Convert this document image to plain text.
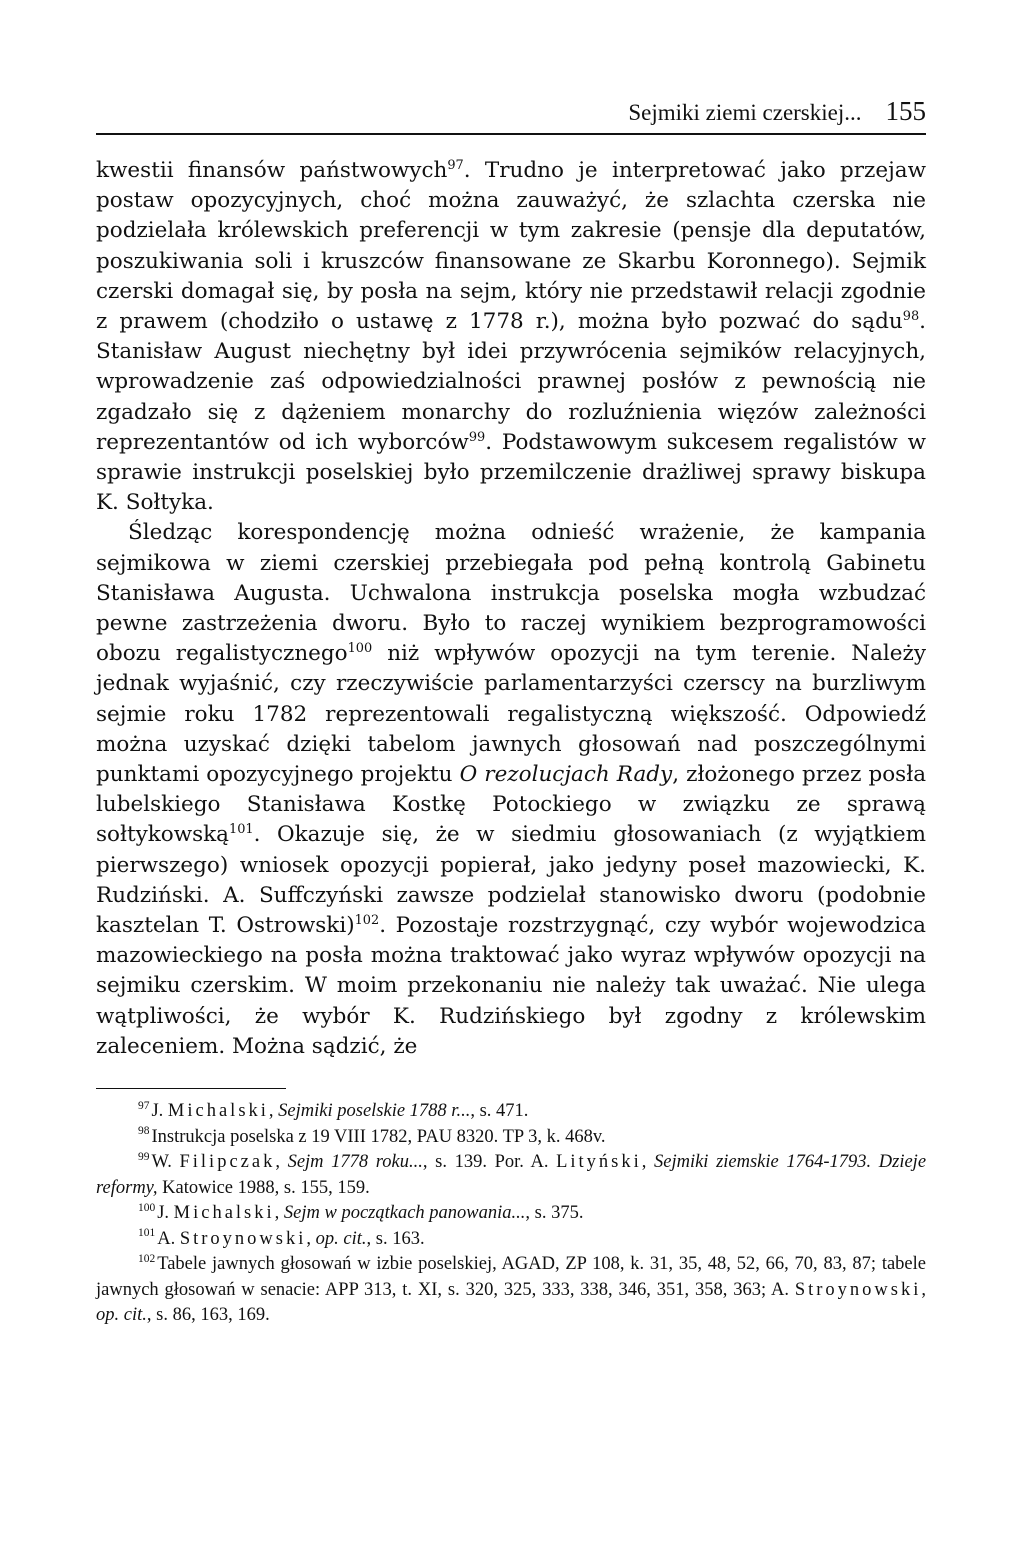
Sejmiki ziemi czerskiej... 155

kwestii finansów państwowych$^{97}$. Trudno je interpretować jako przejaw postaw opozycyjnych, choć można zauważyć, że szlachta czerska nie podzielała królewskich preferencji w tym zakresie (pensje dla deputatów, poszukiwania soli i kruszców finansowane ze Skarbu Koronnego). Sejmik czerski domagał się, by posła na sejm, który nie przedstawił relacji zgodnie z prawem (chodziło o ustawę z 1778 r.), można było pozwać do sądu$^{98}$. Stanisław August niechętny był idei przywrócenia sejmików relacyjnych, wprowadzenie zaś odpowiedzialności prawnej posłów z pewnością nie zgadzało się z dążeniem monarchy do rozluźnienia więzów zależności reprezentantów od ich wyborców$^{99}$. Podstawowym sukcesem regalistów w sprawie instrukcji poselskiej było przemilczenie drażliwej sprawy biskupa K. Sołtyka.

Śledząc korespondencję można odnieść wrażenie, że kampania sejmikowa w ziemi czerskiej przebiegała pod pełną kontrolą Gabinetu Stanisława Augusta. Uchwalona instrukcja poselska mogła wzbudzać pewne zastrzeżenia dworu. Było to raczej wynikiem bezprogramowości obozu regalistycznego$^{100}$ niż wpływów opozycji na tym terenie. Należy jednak wyjaśnić, czy rzeczywiście parlamentarzyści czerscy na burzliwym sejmie roku 1782 reprezentowali regalistyczną większość. Odpowiedź można uzyskać dzięki tabelom jawnych głosowań nad poszczególnymi punktami opozycyjnego projektu O rezolucjach Rady, złożonego przez posła lubelskiego Stanisława Kostkę Potockiego w związku ze sprawą sołtykowską$^{101}$. Okazuje się, że w siedmiu głosowaniach (z wyjątkiem pierwszego) wniosek opozycji popierał, jako jedyny poseł mazowiecki, K. Rudziński. A. Suffczyński zawsze podzielał stanowisko dworu (podobnie kasztelan T. Ostrowski)$^{102}$. Pozostaje rozstrzygnąć, czy wybór wojewodzica mazowieckiego na posła można traktować jako wyraz wpływów opozycji na sejmiku czerskim. W moim przekonaniu nie należy tak uważać. Nie ulega wątpliwości, że wybór K. Rudzińskiego był zgodny z królewskim zaleceniem. Można sądzić, że

$^{97}$ J. Michalski, Sejmiki poselskie 1788 r..., s. 471.

$^{98}$ Instrukcja poselska z 19 VIII 1782, PAU 8320. TP 3, k. 468v.

$^{99}$ W. Filipczak, Sejm 1778 roku..., s. 139. Por. A. Lityński, Sejmiki ziemskie 1764-1793. Dzieje reformy, Katowice 1988, s. 155, 159.

$^{100}$ J. Michalski, Sejm w początkach panowania..., s. 375.

$^{101}$ A. Stroynowski, op. cit., s. 163.

$^{102}$ Tabele jawnych głosowań w izbie poselskiej, AGAD, ZP 108, k. 31, 35, 48, 52, 66, 70, 83, 87; tabele jawnych głosowań w senacie: APP 313, t. XI, s. 320, 325, 333, 338, 346, 351, 358, 363; A. Stroynowski, op. cit., s. 86, 163, 169.
